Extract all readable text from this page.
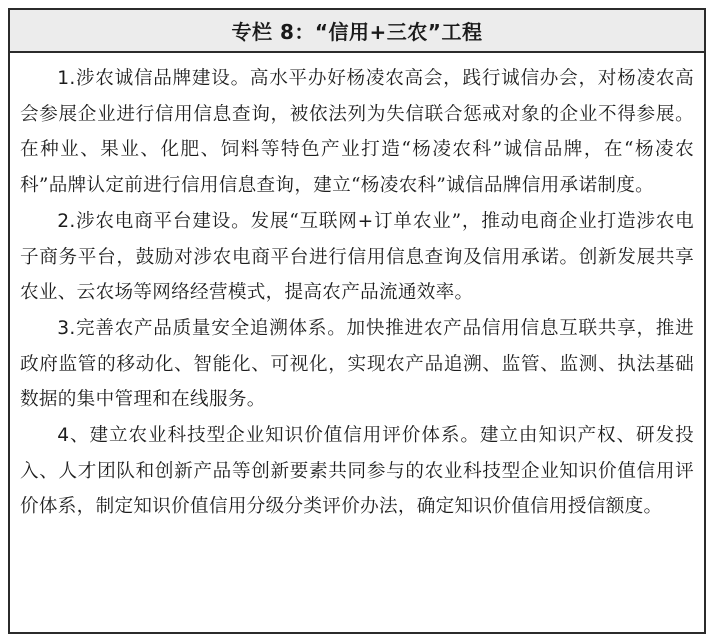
专栏 8：“信用+三农”工程

1.涉农诚信品牌建设。高水平办好杨凌农高会，践行诚信办会，对杨凌农高会参展企业进行信用信息查询，被依法列为失信联合惩戒对象的企业不得参展。在种业、果业、化肥、饲料等特色产业打造“杨凌农科”诚信品牌，在“杨凌农科”品牌认定前进行信用信息查询，建立“杨凌农科”诚信品牌信用承诺制度。

2.涉农电商平台建设。发展“互联网+订单农业”，推动电商企业打造涉农电子商务平台，鼓励对涉农电商平台进行信用信息查询及信用承诺。创新发展共享农业、云农场等网络经营模式，提高农产品流通效率。

3.完善农产品质量安全追溯体系。加快推进农产品信用信息互联共享，推进政府监管的移动化、智能化、可视化，实现农产品追溯、监管、监测、执法基础数据的集中管理和在线服务。

4、建立农业科技型企业知识价值信用评价体系。建立由知识产权、研发投入、人才团队和创新产品等创新要素共同参与的农业科技型企业知识价值信用评价体系，制定知识价值信用分级分类评价办法，确定知识价值信用授信额度。
